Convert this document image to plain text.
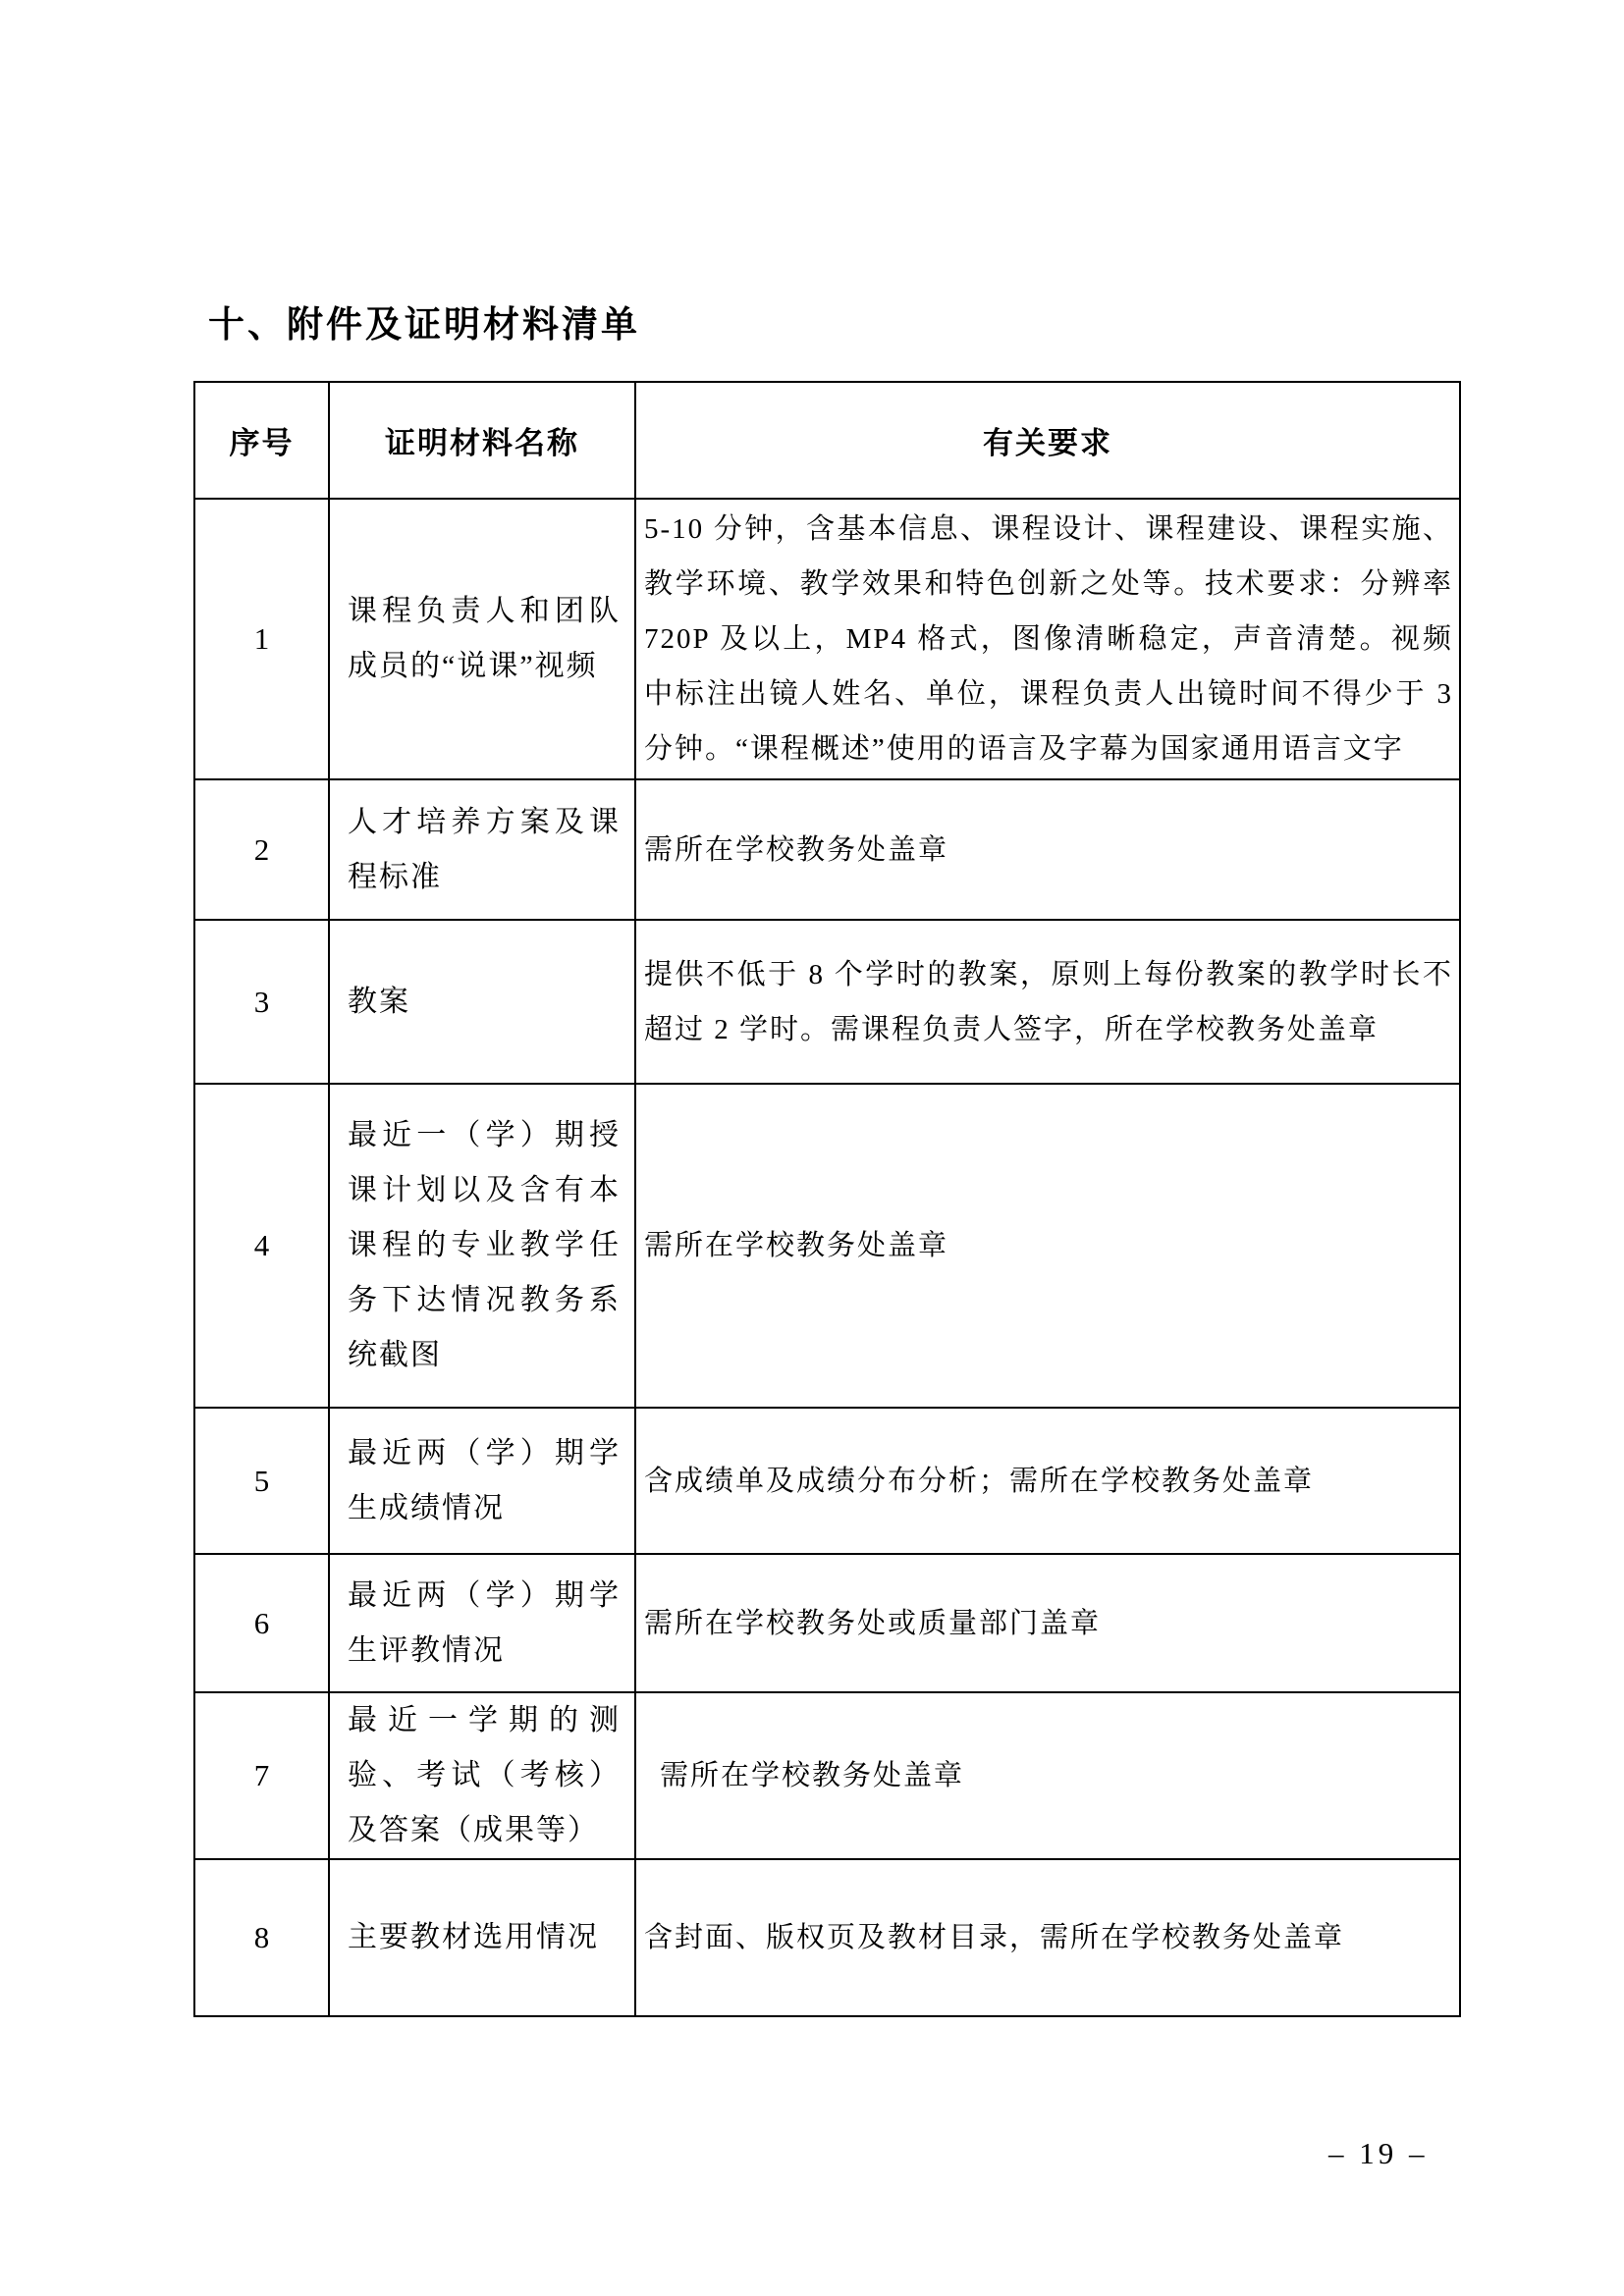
十、附件及证明材料清单
序号	证明材料名称	有关要求
1	课程负责人和团队成员的“说课”视频	5-10 分钟，含基本信息、课程设计、课程建设、课程实施、教学环境、教学效果和特色创新之处等。技术要求：分辨率 720P 及以上，MP4 格式，图像清晰稳定，声音清楚。视频中标注出镜人姓名、单位，课程负责人出镜时间不得少于 3 分钟。“课程概述”使用的语言及字幕为国家通用语言文字
2	人才培养方案及课程标准	需所在学校教务处盖章
3	教案	提供不低于 8 个学时的教案，原则上每份教案的教学时长不超过 2 学时。需课程负责人签字，所在学校教务处盖章
4	最近一（学）期授课计划以及含有本课程的专业教学任务下达情况教务系统截图	需所在学校教务处盖章
5	最近两（学）期学生成绩情况	含成绩单及成绩分布分析；需所在学校教务处盖章
6	最近两（学）期学生评教情况	需所在学校教务处或质量部门盖章
7	最近一学期的测验、考试（考核）及答案（成果等）	需所在学校教务处盖章
8	主要教材选用情况	含封面、版权页及教材目录，需所在学校教务处盖章
– 19 –
